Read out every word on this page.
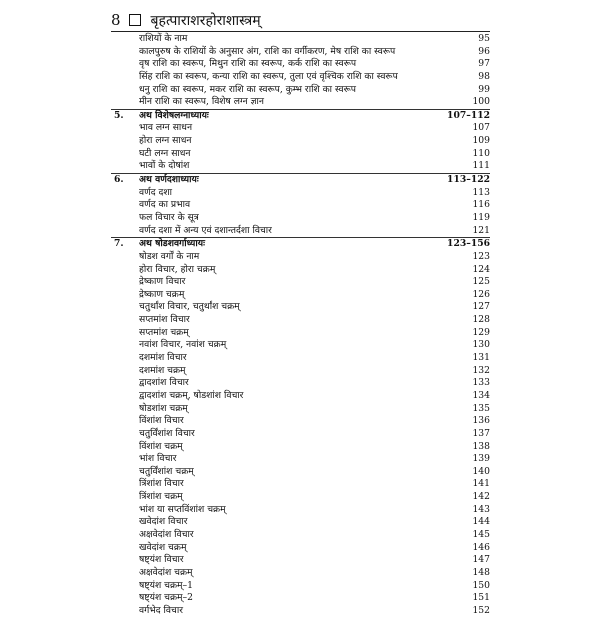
8 बृहत्पाराशरहोराशास्त्रम्
राशियों के नाम	95
कालपुरुष के राशियों के अनुसार अंग, राशि का वर्गीकरण, मेष राशि का स्वरूप	96
वृष राशि का स्वरूप, मिथुन राशि का स्वरूप, कर्क राशि का स्वरूप	97
सिंह राशि का स्वरूप, कन्या राशि का स्वरूप, तुला एवं वृश्चिक राशि का स्वरूप	98
धनु राशि का स्वरूप, मकर राशि का स्वरूप, कुम्भ राशि का स्वरूप	99
मीन राशि का स्वरूप, विशेष लग्न ज्ञान	100
5. अथ विशेषलग्नाध्यायः	107–112
भाव लग्न साधन	107
होरा लग्न साधन	109
घटी लग्न साधन	110
भावों के दोषांश	111
6. अथ वर्णदशाध्यायः	113–122
वर्णद दशा	113
वर्णद का प्रभाव	116
फल विचार के सूत्र	119
वर्णद दशा में अन्य एवं दशान्तर्दशा विचार	121
7. अथ षोडशवर्गाध्यायः	123–156
षोडश वर्गों के नाम	123
होरा विचार, होरा चक्रम्	124
द्रेष्काण विचार	125
द्रेष्काण चक्रम्	126
चतुर्थांश विचार, चतुर्थांश चक्रम्	127
सप्तमांश विचार	128
सप्तमांश चक्रम्	129
नवांश विचार, नवांश चक्रम्	130
दशमांश विचार	131
दशमांश चक्रम्	132
द्वादशांश विचार	133
द्वादशांश चक्रम्, षोडशांश विचार	134
षोडशांश चक्रम्	135
विंशांश विचार	136
चतुर्विंशांश विचार	137
विंशांश चक्रम्	138
भांश विचार	139
चतुर्विंशांश चक्रम्	140
त्रिंशांश विचार	141
त्रिंशांश चक्रम्	142
भांश या सप्तविंशांश चक्रम्	143
खवेदांश विचार	144
अक्षवेदांश विचार	145
खवेदांश चक्रम्	146
षष्ट्यंश विचार	147
अक्षवेदांश चक्रम्	148
षष्ट्यंश चक्रम्–1	150
षष्ट्यंश चक्रम्–2	151
वर्गभेद विचार	152
